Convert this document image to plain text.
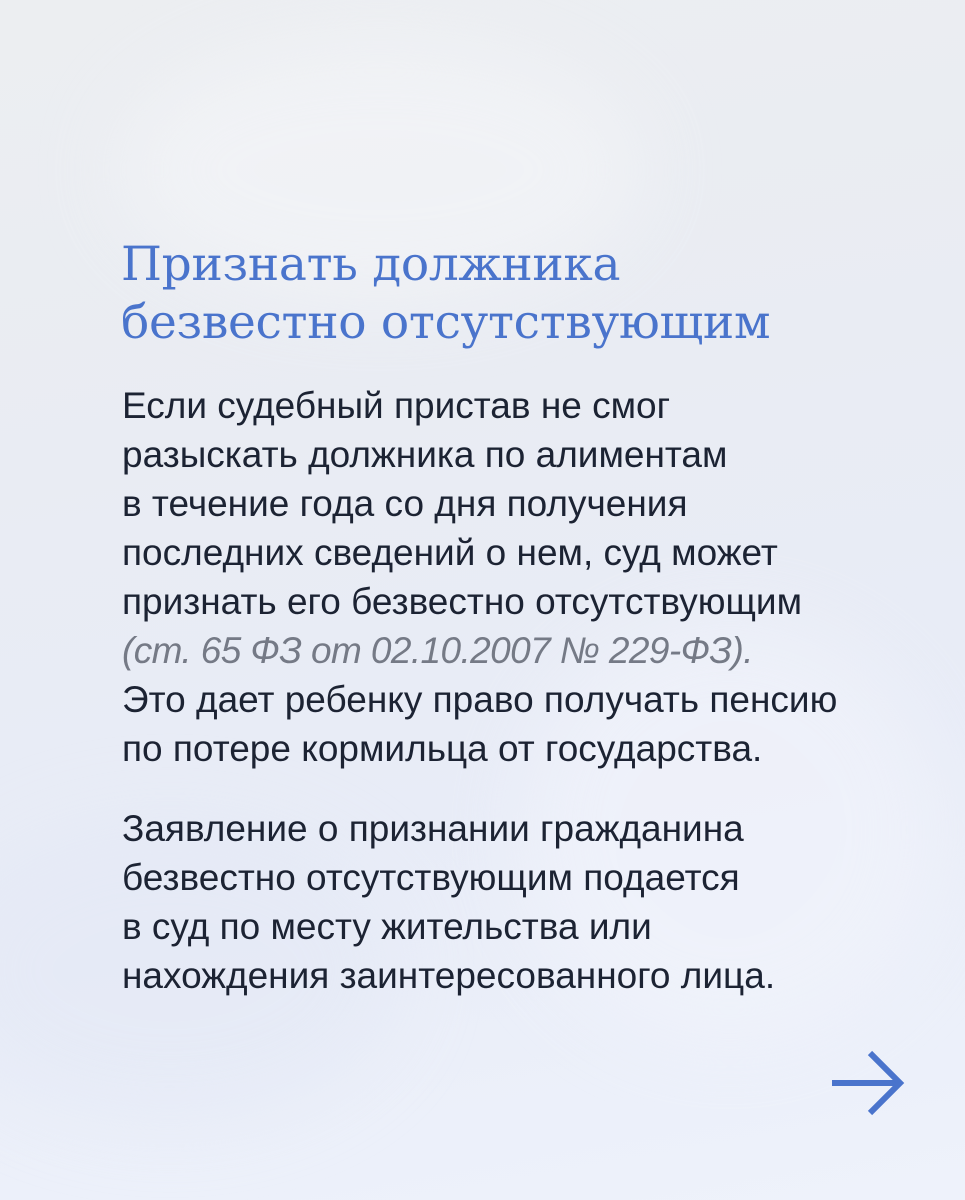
Признать должника
безвестно отсутствующим
Если судебный пристав не смог
разыскать должника по алиментам
в течение года со дня получения
последних сведений о нем, суд может
признать его безвестно отсутствующим
(ст. 65 ФЗ от 02.10.2007 № 229-ФЗ).
Это дает ребенку право получать пенсию
по потере кормильца от государства.
Заявление о признании гражданина
безвестно отсутствующим подается
в суд по месту жительства или
нахождения заинтересованного лица.
